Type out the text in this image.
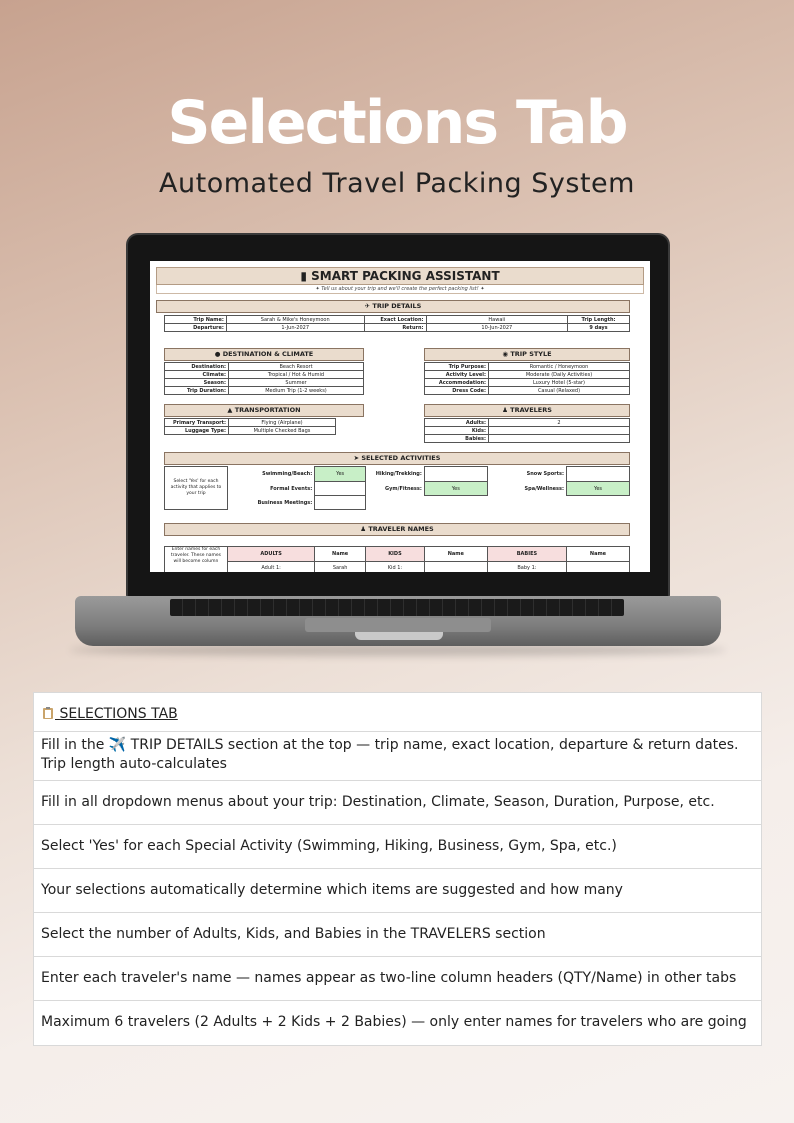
Selections Tab
Automated Travel Packing System
▮ SMART PACKING ASSISTANT
✦ Tell us about your trip and we'll create the perfect packing list! ✦
✈ TRIP DETAILS
Trip Name:	Sarah & Mike's Honeymoon	Exact Location:	Hawaii	Trip Length:
Departure:	1-Jun-2027	Return:	10-Jun-2027	9 days
● DESTINATION & CLIMATE
Destination:	Beach Resort
Climate:	Tropical / Hot & Humid
Season:	Summer
Trip Duration:	Medium Trip (1-2 weeks)
◉ TRIP STYLE
Trip Purpose:	Romantic / Honeymoon
Activity Level:	Moderate (Daily Activities)
Accommodation:	Luxury Hotel (5-star)
Dress Code:	Casual (Relaxed)
▲ TRANSPORTATION
Primary Transport:	Flying (Airplane)
Luggage Type:	Multiple Checked Bags
♟ TRAVELERS
Adults:	2
Kids:	
Babies:	
➤ SELECTED ACTIVITIES
Select 'Yes' for each activity that applies to your trip	Swimming/Beach:	Yes	Hiking/Trekking:		Snow Sports:	
	Formal Events:		Gym/Fitness:	Yes	Spa/Wellness:	Yes
	Business Meetings:					
♟ TRAVELER NAMES
Enter names for each traveler. These names will become column	ADULTS	Name	KIDS	Name	BABIES	Name
	Adult 1:	Sarah	Kid 1:		Baby 1:	
SELECTIONS TAB
Fill in the ✈️ TRIP DETAILS section at the top — trip name, exact location, departure & return dates. Trip length auto-calculates
Fill in all dropdown menus about your trip: Destination, Climate, Season, Duration, Purpose, etc.
Select 'Yes' for each Special Activity (Swimming, Hiking, Business, Gym, Spa, etc.)
Your selections automatically determine which items are suggested and how many
Select the number of Adults, Kids, and Babies in the TRAVELERS section
Enter each traveler's name — names appear as two-line column headers (QTY/Name) in other tabs
Maximum 6 travelers (2 Adults + 2 Kids + 2 Babies) — only enter names for travelers who are going
